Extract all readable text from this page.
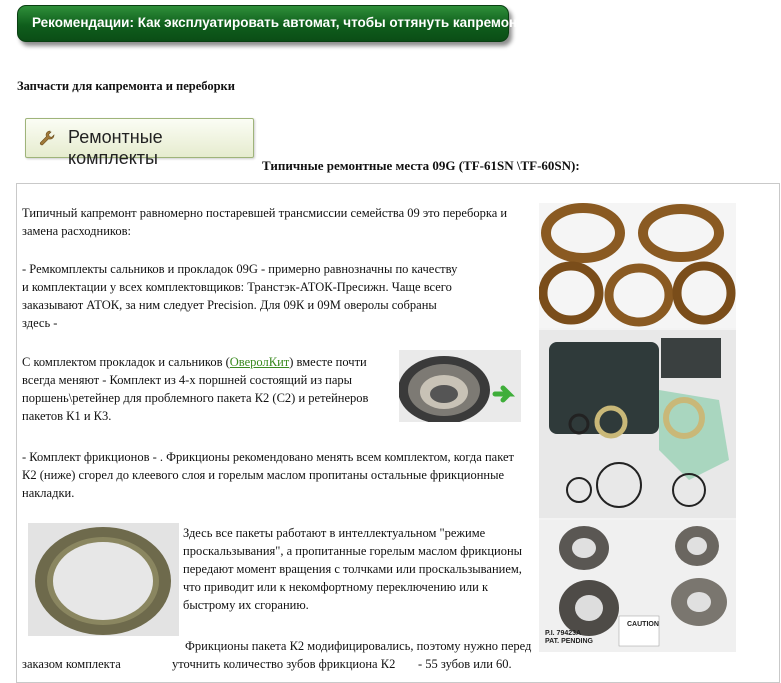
Рекомендации: Как эксплуатировать автомат, чтобы оттянуть капремонт как можно дальше?
Запчасти для капремонта и переборки
Ремонтные комплекты	Типичные ремонтные места 09G (TF-61SN \TF-60SN):

Типичный капремонт равномерно постаревшей трансмиссии семейства 09 это переборка и замена расходников:

- Ремкомплекты сальников и прокладок 09G - примерно равнозначны по качеству и комплектации у всех комплектовщиков: Транстэк-АТОК-Пресижн. Чаще всего заказывают АТОК, за ним следует Precision. Для 09К и 09М оверолы собраны здесь -

С комплектом прокладок и сальников (ОверолКит) вместе почти всегда меняют - Комплект из 4-х поршней состоящий из пары поршень\ретейнер для проблемного пакета К2 (С2) и ретейнеров пакетов К1 и К3.

- Комплект фрикционов - . Фрикционы рекомендовано менять всем комплектом, когда пакет К2 (ниже) сгорел до клеевого слоя и горелым маслом пропитаны остальные фрикционные накладки.

Здесь все пакеты работают в интеллектуальном "режиме проскальзывания", а пропитанные горелым маслом фрикционы передают момент вращения с толчками или проскальзыванием, что приводит или к некомфортному переключению или к быстрому их сгоранию.

Фрикционы пакета К2 модифицировались, поэтому нужно перед

заказом комплекта	уточнить количество зубов фрикциона К2 - 55 зубов или 60.

P.I. 79423A
PAT. PENDING
CAUTION
